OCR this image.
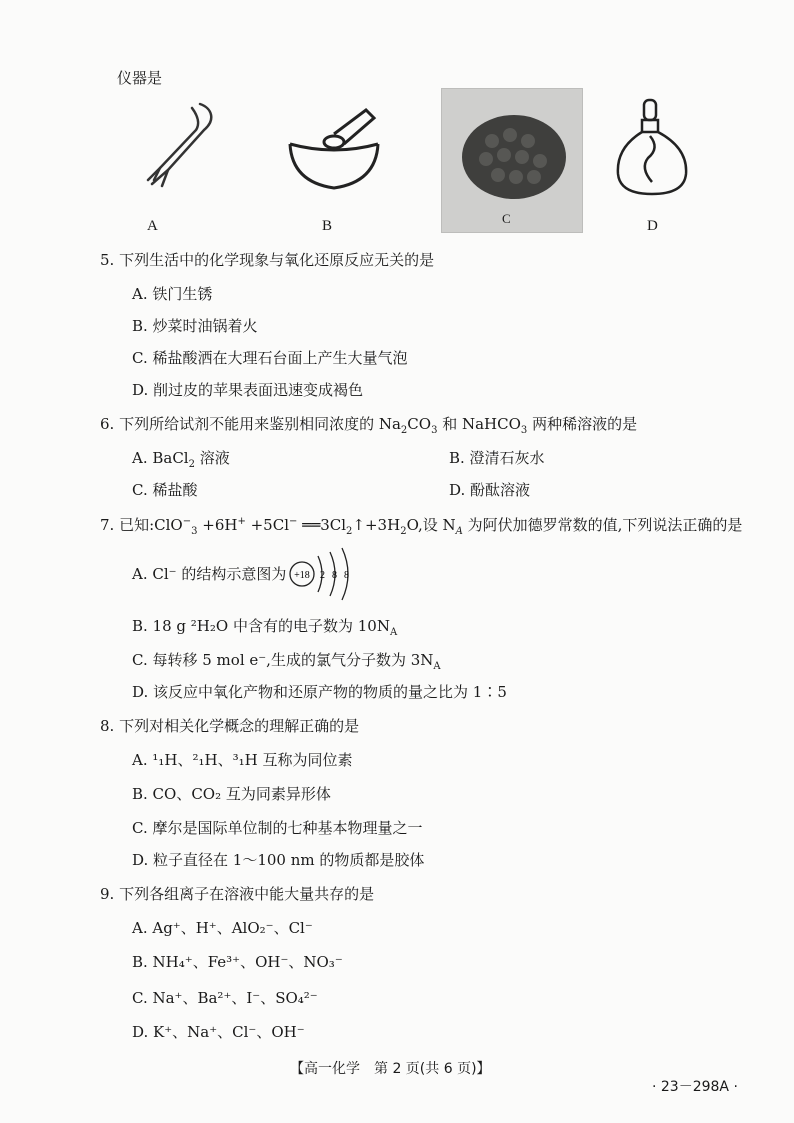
仪器是
A	B	C	D
5. 下列生活中的化学现象与氧化还原反应无关的是
A. 铁门生锈
B. 炒菜时油锅着火
C. 稀盐酸洒在大理石台面上产生大量气泡
D. 削过皮的苹果表面迅速变成褐色
6. 下列所给试剂不能用来鉴别相同浓度的 $Na_2CO_3$ 和 NaHCO$_3$ 两种稀溶液的是
A. BaCl$_2$ 溶液	B. 澄清石灰水
C. 稀盐酸	D. 酚酞溶液
7. 已知:ClO−$_3$ +6H+ +5Cl− $══3Cl_2↑+3H_2O$,设 $N_A$ 为阿伏加德罗常数的值,下列说法正确的是
A. Cl⁻ 的结构示意图为 +18 2 8 8
B. 18 g ²H₂O 中含有的电子数为 $10N_A$
C. 每转移 5 mol e⁻,生成的氯气分子数为 $3N_A$
D. 该反应中氧化产物和还原产物的物质的量之比为 1∶5
8. 下列对相关化学概念的理解正确的是
A. ¹₁H、²₁H、³₁H 互称为同位素
B. CO、CO₂ 互为同素异形体
C. 摩尔是国际单位制的七种基本物理量之一
D. 粒子直径在 1～100 nm 的物质都是胶体
9. 下列各组离子在溶液中能大量共存的是
A. Ag⁺、H⁺、AlO₂⁻、Cl⁻
B. NH₄⁺、Fe³⁺、OH⁻、NO₃⁻
C. Na⁺、Ba²⁺、I⁻、SO₄²⁻
D. K⁺、Na⁺、Cl⁻、OH⁻
【高一化学　第 2 页(共 6 页)】
· 23－298A ·
